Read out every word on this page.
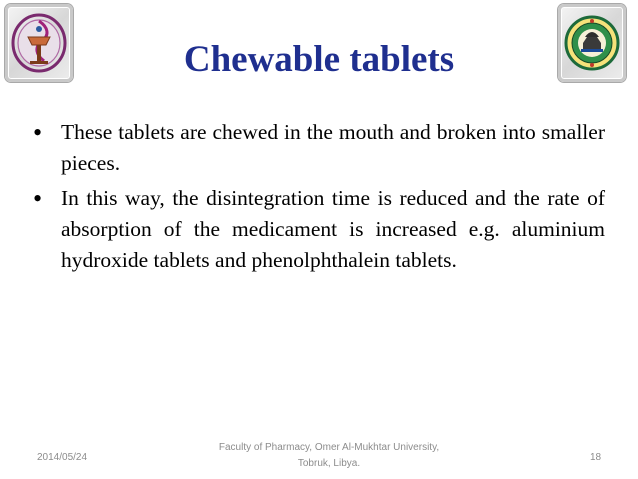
Chewable tablets
• These tablets are chewed in the mouth and broken into smaller pieces.
• In this way, the disintegration time is reduced and the rate of absorption of the medicament is increased e.g. aluminium hydroxide tablets and phenolphthalein tablets.
2014/05/24
Faculty of Pharmacy, Omer Al-Mukhtar University,
Tobruk, Libya.
18
